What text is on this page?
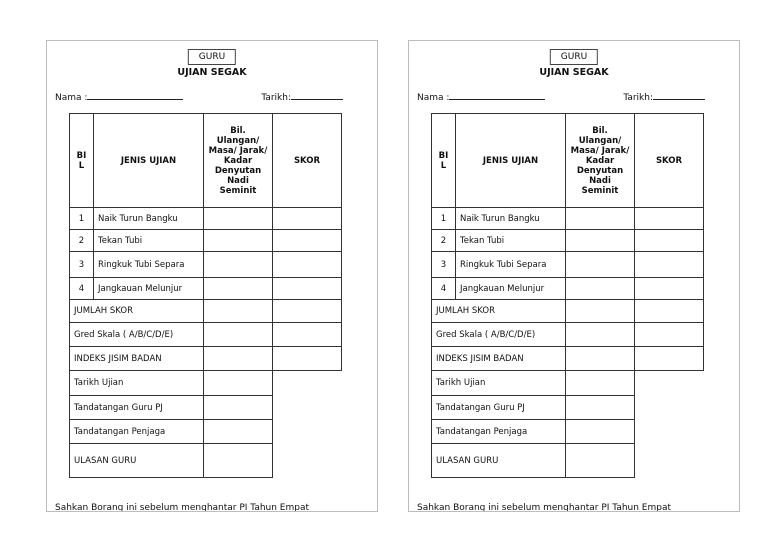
GURU
UJIAN SEGAK
Nama :	Tarikh:
BI L	JENIS UJIAN	Bil. Ulangan/ Masa/ Jarak/ Kadar Denyutan Nadi Seminit	SKOR
1	Naik Turun Bangku		
2	Tekan Tubi		
3	Ringkuk Tubi Separa		
4	Jangkauan Melunjur		
JUMLAH SKOR			
Gred Skala ( A/B/C/D/E)			
INDEKS JISIM BADAN			
Tarikh Ujian			
Tandatangan Guru PJ			
Tandatangan Penjaga			
ULASAN GURU			
Sahkan Borang ini sebelum menghantar PI Tahun Empat
GURU
UJIAN SEGAK
Nama :	Tarikh:
BI L	JENIS UJIAN	Bil. Ulangan/ Masa/ Jarak/ Kadar Denyutan Nadi Seminit	SKOR
1	Naik Turun Bangku		
2	Tekan Tubi		
3	Ringkuk Tubi Separa		
4	Jangkauan Melunjur		
JUMLAH SKOR			
Gred Skala ( A/B/C/D/E)			
INDEKS JISIM BADAN			
Tarikh Ujian			
Tandatangan Guru PJ			
Tandatangan Penjaga			
ULASAN GURU			
Sahkan Borang ini sebelum menghantar PI Tahun Empat
